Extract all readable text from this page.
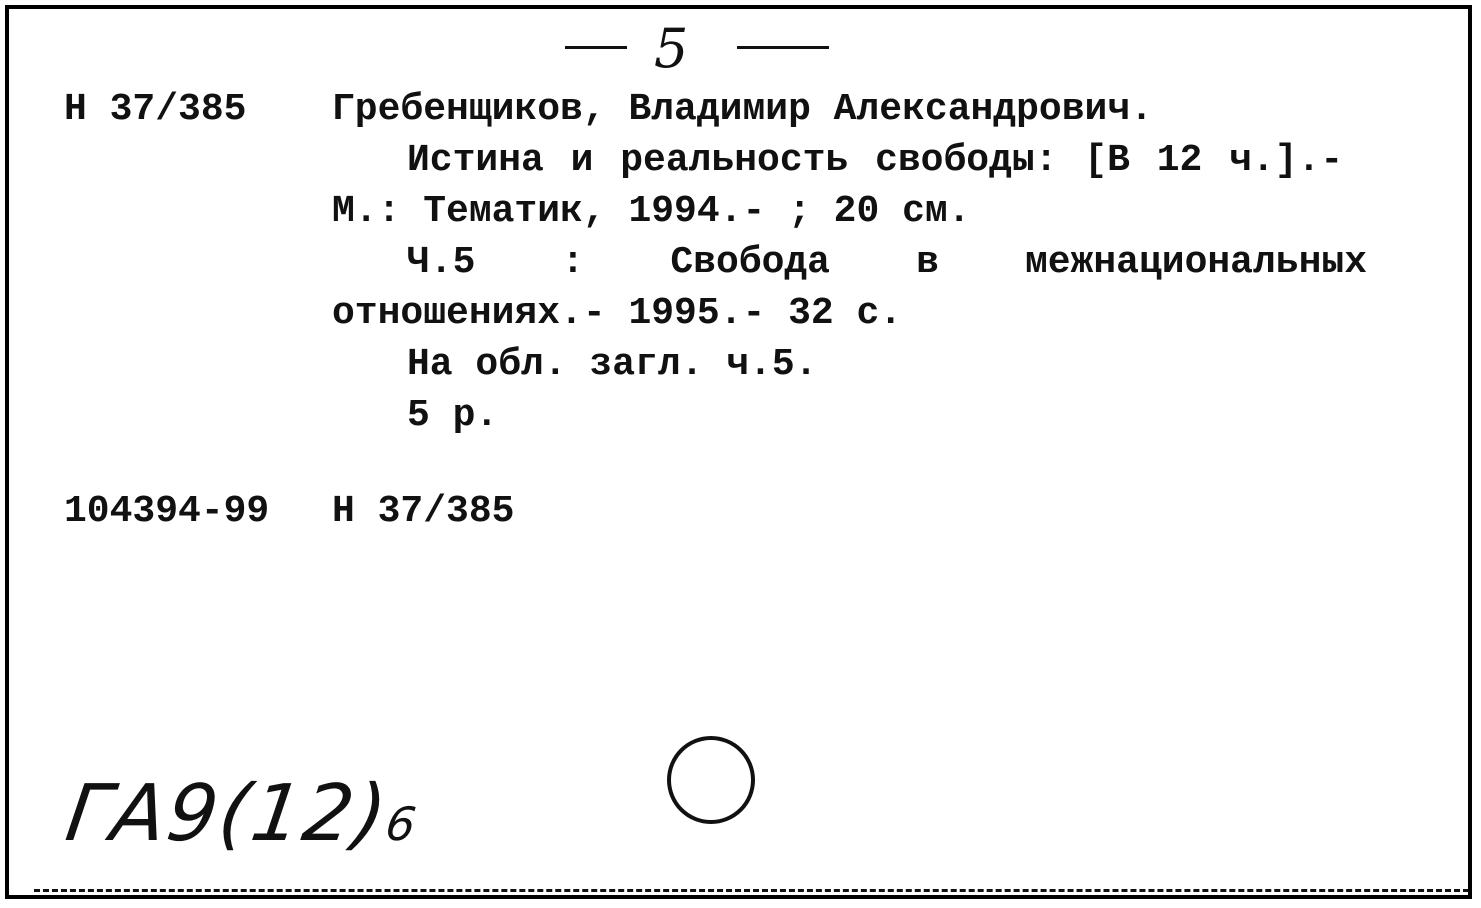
5
Н 37/385 Гребенщиков, Владимир Александрович.
Истина и реальность свободы: [В 12 ч.].-
М.: Тематик, 1994.- ; 20 см.
Ч.5 : Свобода в межнациональных
отношениях.- 1995.- 32 с.
На обл. загл. ч.5.
5 р.
104394-99 Н 37/385
ГА9(12)6
